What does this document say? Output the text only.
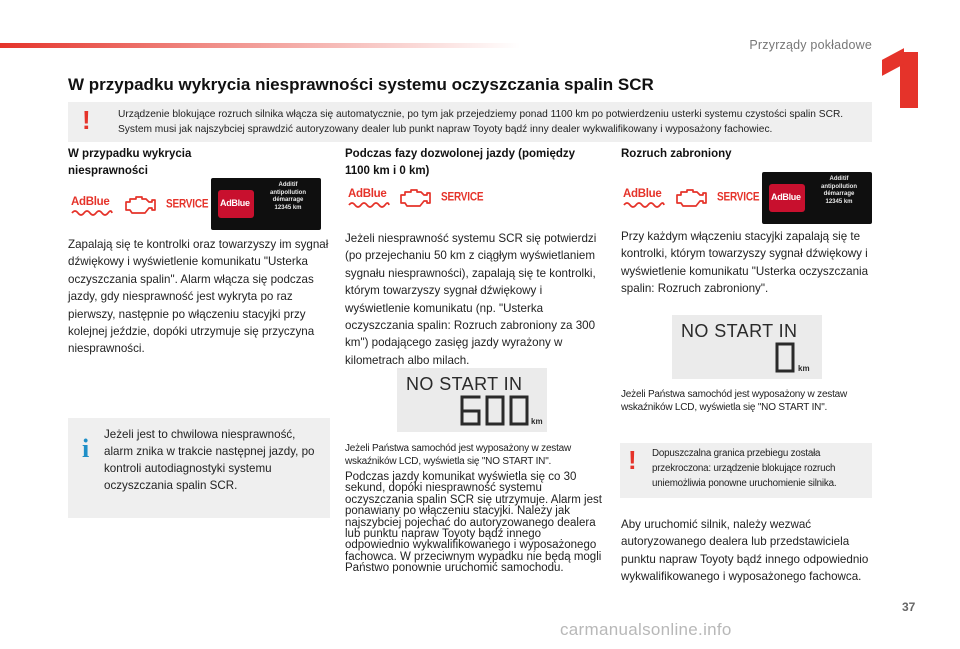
Przyrządy pokładowe
W przypadku wykrycia niesprawności systemu oczyszczania spalin SCR
!	Urządzenie blokujące rozruch silnika włącza się automatycznie, po tym jak przejedziemy ponad 1100 km po potwierdzeniu usterki systemu czystości spalin SCR. System musi jak najszybciej sprawdzić autoryzowany dealer lub punkt napraw Toyoty bądź inny dealer wykwalifikowany i wyposażony fachowiec.

W przypadku wykrycia niesprawności
AdBlue	SERVICE AdBlue
Additif
antipollution
démarrage
12345 km
Zapalają się te kontrolki oraz towarzyszy im sygnał dźwiękowy i wyświetlenie komunikatu "Usterka oczyszczania spalin". Alarm włącza się podczas jazdy, gdy niesprawność jest wykryta po raz pierwszy, następnie po włączeniu stacyjki przy kolejnej jeździe, dopóki utrzymuje się przyczyna niesprawności.
i Jeżeli jest to chwilowa niesprawność, alarm znika w trakcie następnej jazdy, po kontroli autodiagnostyki systemu oczyszczania spalin SCR.

Podczas fazy dozwolonej jazdy (pomiędzy 1100 km i 0 km)
AdBlue	SERVICE
Jeżeli niesprawność systemu SCR się potwierdzi (po przejechaniu 50 km z ciągłym wyświetlaniem sygnału niesprawności), zapalają się te kontrolki, którym towarzyszy sygnał dźwiękowy i wyświetlenie komunikatu (np. "Usterka oczyszczania spalin: Rozruch zabroniony za 300 km") podającego zasięg jazdy wyrażony w kilometrach albo milach.
NO START IN
km
Jeżeli Państwa samochód jest wyposażony w zestaw wskaźników LCD, wyświetla się "NO START IN".
Podczas jazdy komunikat wyświetla się co 30 sekund, dopóki niesprawność systemu oczyszczania spalin SCR się utrzymuje. Alarm jest ponawiany po włączeniu stacyjki. Należy jak najszybciej pojechać do autoryzowanego dealera lub punktu napraw Toyoty bądź innego odpowiednio wykwalifikowanego i wyposażonego fachowca. W przeciwnym wypadku nie będą mogli Państwo ponownie uruchomić samochodu.
Rozruch zabroniony
AdBlue	SERVICE AdBlue
Additif
antipollution
démarrage
12345 km
Przy każdym włączeniu stacyjki zapalają się te kontrolki, którym towarzyszy sygnał dźwiękowy i wyświetlenie komunikatu "Usterka oczyszczania spalin: Rozruch zabroniony".
NO START IN
km
Jeżeli Państwa samochód jest wyposażony w zestaw wskaźników LCD, wyświetla się "NO START IN".
! Dopuszczalna granica przebiegu została przekroczona: urządzenie blokujące rozruch uniemożliwia ponowne uruchomienie silnika.

Aby uruchomić silnik, należy wezwać autoryzowanego dealera lub przedstawiciela punktu napraw Toyoty bądź innego odpowiednio wykwalifikowanego i wyposażonego fachowca.
37
carmanualsonline.info
